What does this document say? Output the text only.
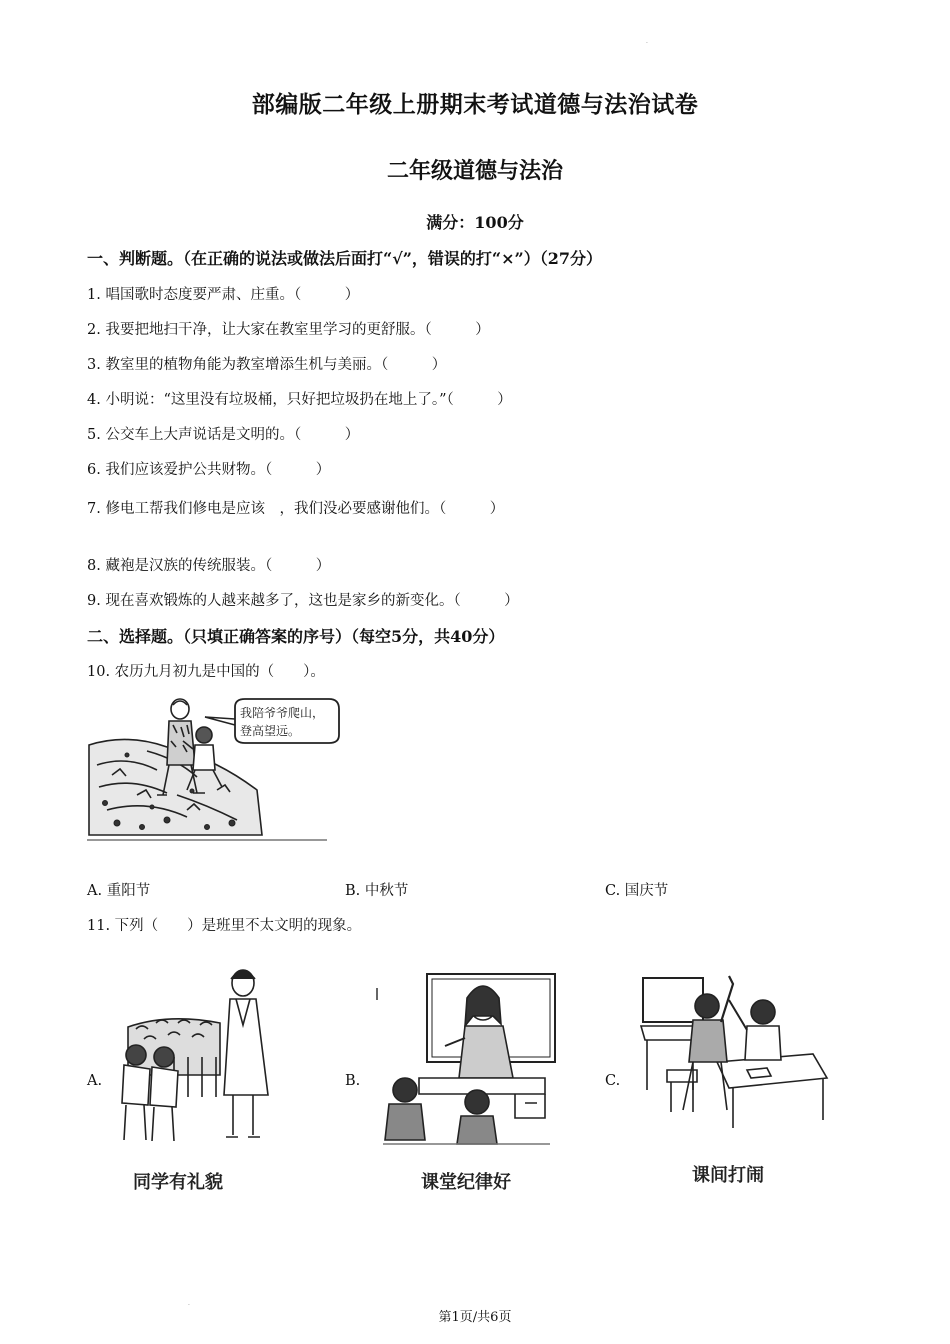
·
部编版二年级上册期末考试道德与法治试卷
二年级道德与法治
满分：100分
一、判断题。（在正确的说法或做法后面打“√”，错误的打“×”）（27分）
1. 唱国歌时态度要严肃、庄重。（　　　）
2. 我要把地扫干净，让大家在教室里学习的更舒服。（　　　）
3. 教室里的植物角能为教室增添生机与美丽。（　　　）
4. 小明说：“这里没有垃圾桶，只好把垃圾扔在地上了。”（　　　）
5. 公交车上大声说话是文明的。（　　　）
6. 我们应该爱护公共财物。（　　　）
7. 修电工帮我们修电是应该　，我们没必要感谢他们。（　　　）
8. 藏袍是汉族的传统服装。（　　　）
9. 现在喜欢锻炼的人越来越多了，这也是家乡的新变化。（　　　）
二、选择题。（只填正确答案的序号）（每空5分，共40分）
10. 农历九月初九是中国的（　　）。
我陪爷爷爬山，
登高望远。
A. 重阳节	B. 中秋节	C. 国庆节
11. 下列（　　）是班里不太文明的现象。
A.
同学有礼貌
B.
课堂纪律好
C.
课间打闹
·
第1页/共6页
